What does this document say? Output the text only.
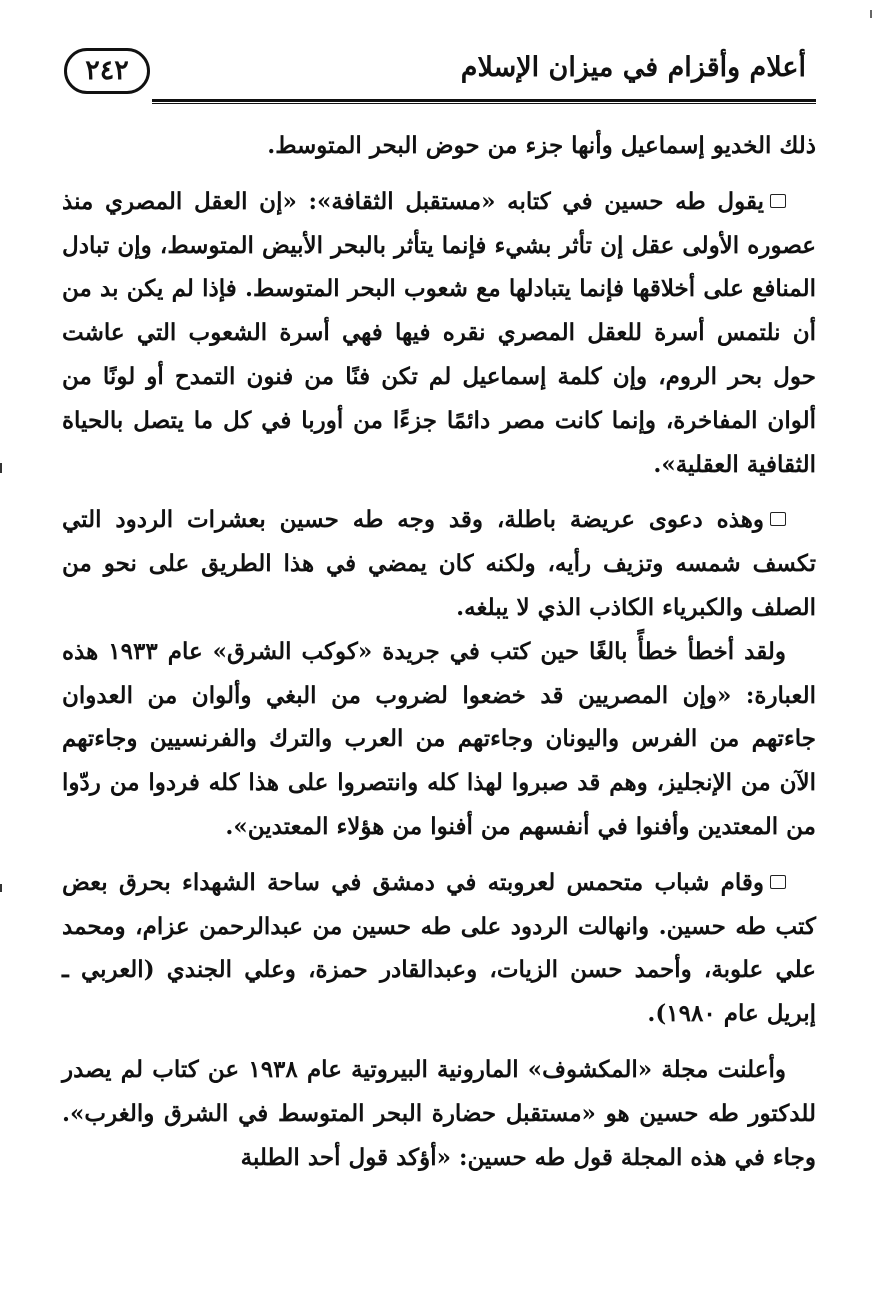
أعلام وأقزام في ميزان الإسلام
٢٤٢

ذلك الخديو إسماعيل وأنها جزء من حوض البحر المتوسط.

يقول طه حسين في كتابه «مستقبل الثقافة»: «إن العقل المصري منذ عصوره الأولى عقل إن تأثر بشيء فإنما يتأثر بالبحر الأبيض المتوسط، وإن تبادل المنافع على أخلاقها فإنما يتبادلها مع شعوب البحر المتوسط. فإذا لم يكن بد من أن نلتمس أسرة للعقل المصري نقره فيها فهي أسرة الشعوب التي عاشت حول بحر الروم، وإن كلمة إسماعيل لم تكن فنًا من فنون التمدح أو لونًا من ألوان المفاخرة، وإنما كانت مصر دائمًا جزءًا من أوربا في كل ما يتصل بالحياة الثقافية العقلية».

وهذه دعوى عريضة باطلة، وقد وجه طه حسين بعشرات الردود التي تكسف شمسه وتزيف رأيه، ولكنه كان يمضي في هذا الطريق على نحو من الصلف والكبرياء الكاذب الذي لا يبلغه.

ولقد أخطأ خطأً بالغًا حين كتب في جريدة «كوكب الشرق» عام ١٩٣٣ هذه العبارة: «وإن المصريين قد خضعوا لضروب من البغي وألوان من العدوان جاءتهم من الفرس واليونان وجاءتهم من العرب والترك والفرنسيين وجاءتهم الآن من الإنجليز، وهم قد صبروا لهذا كله وانتصروا على هذا كله فردوا من ردّوا من المعتدين وأفنوا في أنفسهم من أفنوا من هؤلاء المعتدين».

وقام شباب متحمس لعروبته في دمشق في ساحة الشهداء بحرق بعض كتب طه حسين. وانهالت الردود على طه حسين من عبدالرحمن عزام، ومحمد علي علوبة، وأحمد حسن الزيات، وعبدالقادر حمزة، وعلي الجندي (العربي ـ إبريل عام ١٩٨٠).

وأعلنت مجلة «المكشوف» المارونية البيروتية عام ١٩٣٨ عن كتاب لم يصدر للدكتور طه حسين هو «مستقبل حضارة البحر المتوسط في الشرق والغرب». وجاء في هذه المجلة قول طه حسين: «أؤكد قول أحد الطلبة
